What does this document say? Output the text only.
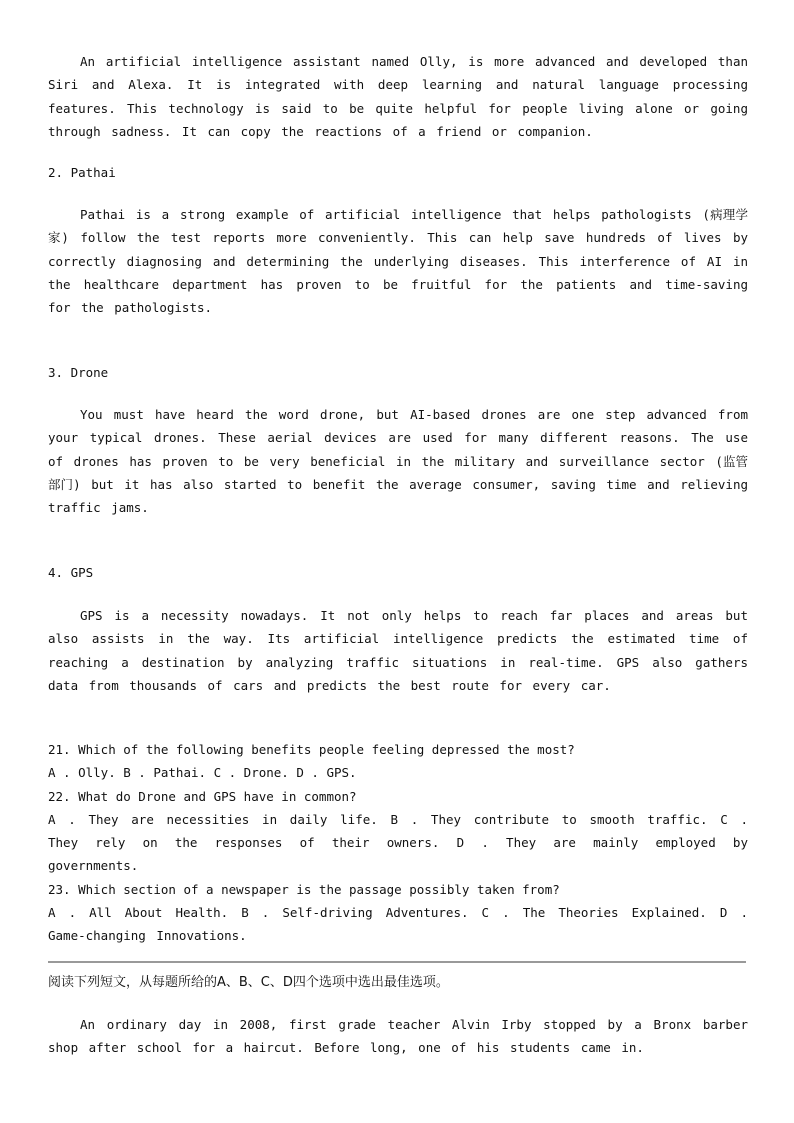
An artificial intelligence assistant named Olly, is more advanced and developed than Siri and Alexa. It is integrated with deep learning and natural language processing features. This technology is said to be quite helpful for people living alone or going through sadness. It can copy the reactions of a friend or companion.

2. Pathai

Pathai is a strong example of artificial intelligence that helps pathologists (病理学家) follow the test reports more conveniently. This can help save hundreds of lives by correctly diagnosing and determining the underlying diseases. This interference of AI in the healthcare department has proven to be fruitful for the patients and time-saving for the pathologists.

3. Drone

You must have heard the word drone, but AI-based drones are one step advanced from your typical drones. These aerial devices are used for many different reasons. The use of drones has proven to be very beneficial in the military and surveillance sector (监管部门) but it has also started to benefit the average consumer, saving time and relieving traffic jams.

4. GPS

GPS is a necessity nowadays. It not only helps to reach far places and areas but also assists in the way. Its artificial intelligence predicts the estimated time of reaching a destination by analyzing traffic situations in real-time. GPS also gathers data from thousands of cars and predicts the best route for every car.

21. Which of the following benefits people feeling depressed the most?
A . Olly. B . Pathai. C . Drone. D . GPS.
22. What do Drone and GPS have in common?
A . They are necessities in daily life. B . They contribute to smooth traffic. C . They rely on the responses of their owners. D . They are mainly employed by governments.
23. Which section of a newspaper is the passage possibly taken from?
A . All About Health. B . Self-driving Adventures. C . The Theories Explained. D . Game-changing Innovations.

阅读下列短文，从每题所给的A、B、C、D四个选项中选出最佳选项。

An ordinary day in 2008, first grade teacher Alvin Irby stopped by a Bronx barber shop after school for a haircut. Before long, one of his students came in.
